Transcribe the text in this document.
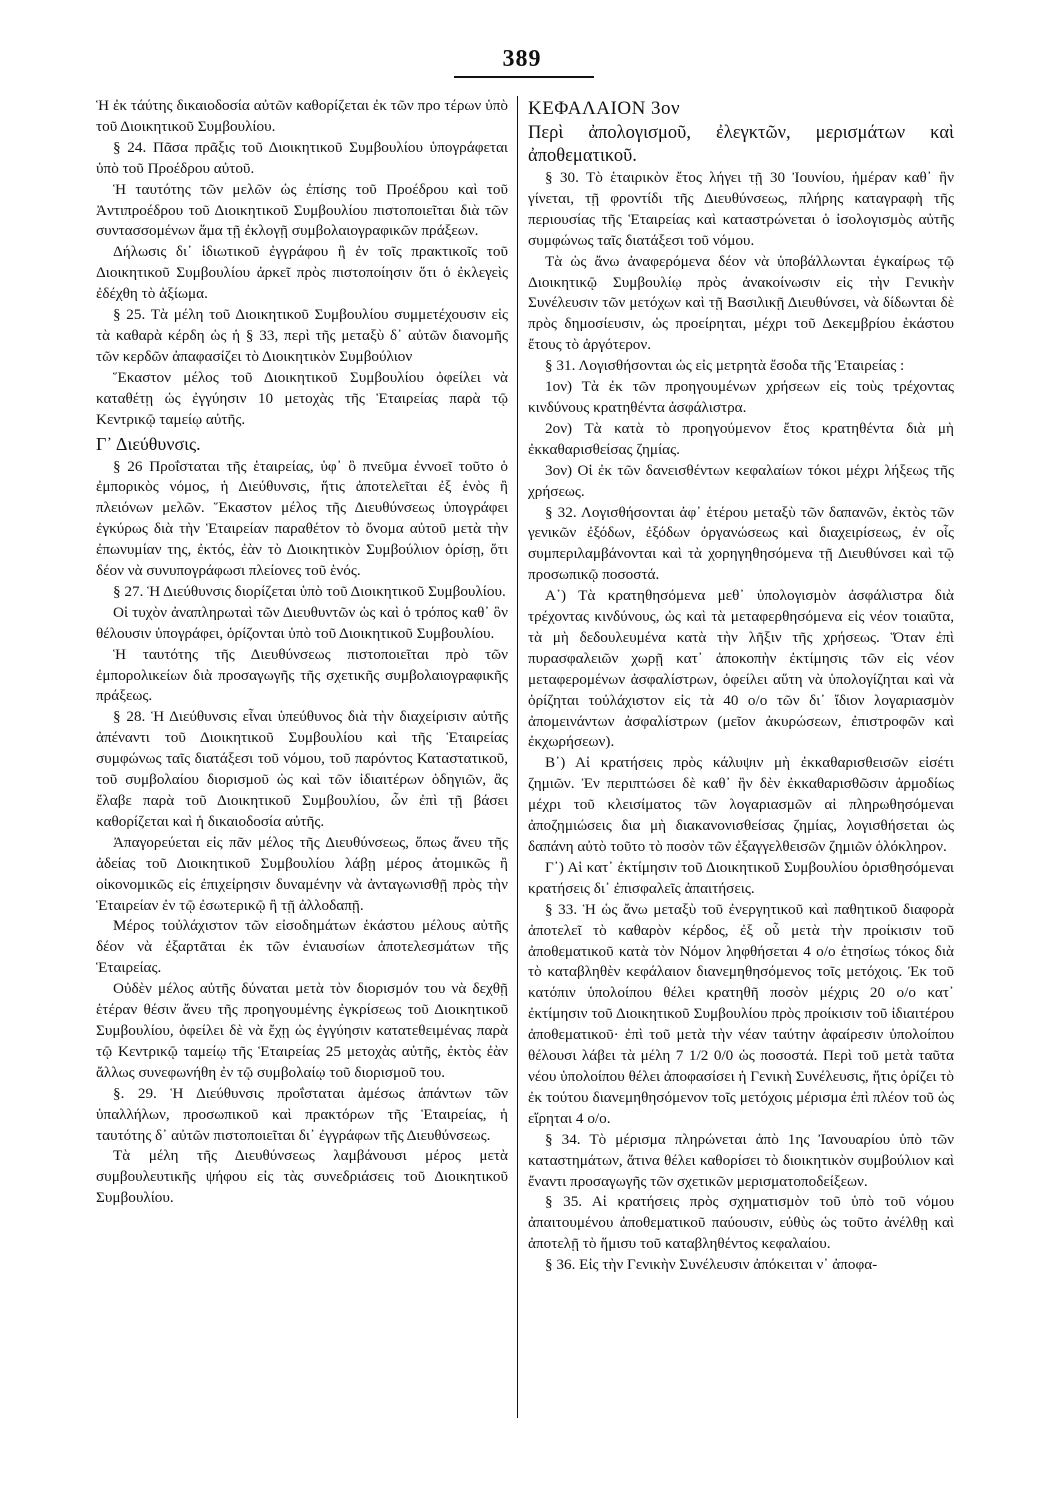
389

Ἡ ἐκ τάύτης δικαιοδοσία αὐτῶν καθορίζεται ἐκ τῶν προ τέρων ὑπὸ τοῦ Διοικητικοῦ Συμβουλίου.

§ 24. Πᾶσα πρᾶξις τοῦ Διοικητικοῦ Συμβουλίου ὑπογράφεται ὑπὸ τοῦ Προέδρου αὐτοῦ.

Ἡ ταυτότης τῶν μελῶν ὡς ἐπίσης τοῦ Προέδρου καὶ τοῦ Ἀντιπροέδρου τοῦ Διοικητικοῦ Συμβουλίου πιστοποιεῖται διὰ τῶν συντασσομένων ἅμα τῇ ἐκλογῇ συμβολαιογραφικῶν πράξεων.

Δήλωσις δι᾽ ἰδιωτικοῦ ἐγγράφου ἢ ἐν τοῖς πρακτικοῖς τοῦ Διοικητικοῦ Συμβουλίου ἀρκεῖ πρὸς πιστοποίησιν ὅτι ὁ ἐκλεγεὶς ἐδέχθη τὸ ἀξίωμα.

§ 25. Τὰ μέλη τοῦ Διοικητικοῦ Συμβουλίου συμμετέχουσιν εἰς τὰ καθαρὰ κέρδη ὡς ἡ § 33, περὶ τῆς μεταξὺ δ᾽ αὐτῶν διανομῆς τῶν κερδῶν ἀπαφασίζει τὸ Διοικητικὸν Συμβούλιον

Ἕκαστον μέλος τοῦ Διοικητικοῦ Συμβουλίου ὀφείλει νὰ καταθέτῃ ὡς ἐγγύησιν 10 μετοχὰς τῆς Ἑταιρείας παρὰ τῷ Κεντρικῷ ταμείῳ αὐτῆς.

Γ᾽ Διεύθυνσις.

§ 26 Προΐσταται τῆς ἑταιρείας, ὑφ᾽ ὃ πνεῦμα ἐννοεῖ τοῦτο ὁ ἐμπορικὸς νόμος, ἡ Διεύθυνσις, ἥτις ἀποτελεῖται ἐξ ἑνὸς ἢ πλειόνων μελῶν. Ἕκαστον μέλος τῆς Διευθύνσεως ὑπογράφει ἐγκύρως διὰ τὴν Ἑταιρείαν παραθέτον τὸ ὄνομα αὐτοῦ μετὰ τὴν ἐπωνυμίαν της, ἐκτός, ἐὰν τὸ Διοικητικὸν Συμβούλιον ὁρίσῃ, ὅτι δέον νὰ συνυπογράφωσι πλείονες τοῦ ἑνός.

§ 27. Ἡ Διεύθυνσις διορίζεται ὑπὸ τοῦ Διοικητικοῦ Συμβουλίου.

Οἱ τυχὸν ἀναπληρωταὶ τῶν Διευθυντῶν ὡς καὶ ὁ τρόπος καθ᾽ ὃν θέλουσιν ὑπογράφει, ὁρίζονται ὑπὸ τοῦ Διοικητικοῦ Συμβουλίου.

Ἡ ταυτότης τῆς Διευθύνσεως πιστοποιεῖται πρὸ τῶν ἐμπορολικείων διὰ προσαγωγῆς τῆς σχετικῆς συμβολαιογραφικῆς πράξεως.

§ 28. Ἡ Διεύθυνσις εἶναι ὑπεύθυνος διὰ τὴν διαχείρισιν αὐτῆς ἀπέναντι τοῦ Διοικητικοῦ Συμβουλίου καὶ τῆς Ἑταιρείας συμφώνως ταῖς διατάξεσι τοῦ νόμου, τοῦ παρόντος Καταστατικοῦ, τοῦ συμβολαίου διορισμοῦ ὡς καὶ τῶν ἰδιαιτέρων ὁδηγιῶν, ἃς ἔλαβε παρὰ τοῦ Διοικητικοῦ Συμβουλίου, ὧν ἐπὶ τῇ βάσει καθορίζεται καὶ ἡ δικαιοδοσία αὐτῆς.

Ἀπαγορεύεται εἰς πᾶν μέλος τῆς Διευθύνσεως, ὅπως ἄνευ τῆς ἀδείας τοῦ Διοικητικοῦ Συμβουλίου λάβῃ μέρος ἀτομικῶς ἢ οἰκονομικῶς εἰς ἐπιχείρησιν δυναμένην νὰ ἀνταγωνισθῇ πρὸς τὴν Ἑταιρείαν ἐν τῷ ἐσωτερικῷ ἢ τῇ ἀλλοδαπῇ.

Μέρος τοὐλάχιστον τῶν εἰσοδημάτων ἑκάστου μέλους αὐτῆς δέον νὰ ἐξαρτᾶται ἐκ τῶν ἐνιαυσίων ἀποτελεσμάτων τῆς Ἑταιρείας.

Οὐδὲν μέλος αὐτῆς δύναται μετὰ τὸν διορισμόν του νὰ δεχθῇ ἑτέραν θέσιν ἄνευ τῆς προηγουμένης ἐγκρίσεως τοῦ Διοικητικοῦ Συμβουλίου, ὀφείλει δὲ νὰ ἔχῃ ὡς ἐγγύησιν κατατεθειμένας παρὰ τῷ Κεντρικῷ ταμείῳ τῆς Ἑταιρείας 25 μετοχὰς αὐτῆς, ἐκτὸς ἐὰν ἄλλως συνεφωνήθη ἐν τῷ συμβολαίῳ τοῦ διορισμοῦ του.

§. 29. Ἡ Διεύθυνσις προΐσταται ἀμέσως ἁπάντων τῶν ὑπαλλήλων, προσωπικοῦ καὶ πρακτόρων τῆς Ἑταιρείας, ἡ ταυτότης δ᾽ αὐτῶν πιστοποιεῖται δι᾽ ἐγγράφων τῆς Διευθύνσεως.

Τὰ μέλη τῆς Διευθύνσεως λαμβάνουσι μέρος μετὰ συμβουλευτικῆς ψήφου εἰς τὰς συνεδριάσεις τοῦ Διοικητικοῦ Συμβουλίου.

ΚΕΦΑΛΑΙΟΝ 3ον

Περὶ ἀπολογισμοῦ, ἐλεγκτῶν, μερισμάτων καὶ ἀποθεματικοῦ.

§ 30. Τὸ ἑταιρικὸν ἔτος λήγει τῇ 30 Ἰουνίου, ἡμέραν καθ᾽ ἣν γίνεται, τῇ φροντίδι τῆς Διευθύνσεως, πλήρης καταγραφὴ τῆς περιουσίας τῆς Ἑταιρείας καὶ καταστρώνεται ὁ ἰσολογισμὸς αὐτῆς συμφώνως ταῖς διατάξεσι τοῦ νόμου.

Τὰ ὡς ἄνω ἀναφερόμενα δέον νὰ ὑποβάλλωνται ἐγκαίρως τῷ Διοικητικῷ Συμβουλίῳ πρὸς ἀνακοίνωσιν εἰς τὴν Γενικὴν Συνέλευσιν τῶν μετόχων καὶ τῇ Βασιλικῇ Διευθύνσει, νὰ δίδωνται δὲ πρὸς δημοσίευσιν, ὡς προείρηται, μέχρι τοῦ Δεκεμβρίου ἑκάστου ἔτους τὸ ἀργότερον.

§ 31. Λογισθήσονται ὡς εἰς μετρητὰ ἔσοδα τῆς Ἑταιρείας :

1ον) Τὰ ἐκ τῶν προηγουμένων χρήσεων εἰς τοὺς τρέχοντας κινδύνους κρατηθέντα ἀσφάλιστρα.

2ον) Τὰ κατὰ τὸ προηγούμενον ἔτος κρατηθέντα διὰ μὴ ἐκκαθαρισθείσας ζημίας.

3ον) Οἱ ἐκ τῶν δανεισθέντων κεφαλαίων τόκοι μέχρι λήξεως τῆς χρήσεως.

§ 32. Λογισθήσονται ἀφ᾽ ἑτέρου μεταξὺ τῶν δαπανῶν, ἐκτὸς τῶν γενικῶν ἐξόδων, ἐξόδων ὀργανώσεως καὶ διαχειρίσεως, ἐν οἷς συμπεριλαμβάνονται καὶ τὰ χορηγηθησόμενα τῇ Διευθύνσει καὶ τῷ προσωπικῷ ποσοστά.

Α᾽) Τὰ κρατηθησόμενα μεθ᾽ ὑπολογισμὸν ἀσφάλιστρα διὰ τρέχοντας κινδύνους, ὡς καὶ τὰ μεταφερθησόμενα εἰς νέον τοιαῦτα, τὰ μὴ δεδουλευμένα κατὰ τὴν λῆξιν τῆς χρήσεως. Ὅταν ἐπὶ πυρασφαλειῶν χωρῇ κατ᾽ ἀποκοπὴν ἐκτίμησις τῶν εἰς νέον μεταφερομένων ἀσφαλίστρων, ὀφείλει αὕτη νὰ ὑπολογίζηται καὶ νὰ ὁρίζηται τοὐλάχιστον εἰς τὰ 40 ο/ο τῶν δι᾽ ἴδιον λογαριασμὸν ἀπομεινάντων ἀσφαλίστρων (μεῖον ἀκυρώσεων, ἐπιστροφῶν καὶ ἐκχωρήσεων).

Β᾽) Αἱ κρατήσεις πρὸς κάλυψιν μὴ ἐκκαθαρισθεισῶν εἰσέτι ζημιῶν. Ἐν περιπτώσει δὲ καθ᾽ ἣν δὲν ἐκκαθαρισθῶσιν ἁρμοδίως μέχρι τοῦ κλεισίματος τῶν λογαριασμῶν αἱ πληρωθησόμεναι ἀποζημιώσεις δια μὴ διακανονισθείσας ζημίας, λογισθήσεται ὡς δαπάνη αὐτὸ τοῦτο τὸ ποσὸν τῶν ἐξαγγελθεισῶν ζημιῶν ὁλόκληρον.

Γ᾽) Αἱ κατ᾽ ἐκτίμησιν τοῦ Διοικητικοῦ Συμβουλίου ὁρισθησόμεναι κρατήσεις δι᾽ ἐπισφαλεῖς ἀπαιτήσεις.

§ 33. Ἡ ὡς ἄνω μεταξὺ τοῦ ἐνεργητικοῦ καὶ παθητικοῦ διαφορὰ ἀποτελεῖ τὸ καθαρὸν κέρδος, ἐξ οὗ μετὰ τὴν προίκισιν τοῦ ἀποθεματικοῦ κατὰ τὸν Νόμον ληφθήσεται 4 ο/ο ἐτησίως τόκος διὰ τὸ καταβληθὲν κεφάλαιον διανεμηθησόμενος τοῖς μετόχοις. Ἐκ τοῦ κατόπιν ὑπολοίπου θέλει κρατηθῆ ποσὸν μέχρις 20 ο/ο κατ᾽ ἐκτίμησιν τοῦ Διοικητικοῦ Συμβουλίου πρὸς προίκισιν τοῦ ἰδιαιτέρου ἀποθεματικοῦ· ἐπὶ τοῦ μετὰ τὴν νέαν ταύτην ἀφαίρεσιν ὑπολοίπου θέλουσι λάβει τὰ μέλη 7 1/2 0/0 ὡς ποσοστά. Περὶ τοῦ μετὰ ταῦτα νέου ὑπολοίπου θέλει ἀποφασίσει ἡ Γενικὴ Συνέλευσις, ἥτις ὁρίζει τὸ ἐκ τούτου διανεμηθησόμενον τοῖς μετόχοις μέρισμα ἐπὶ πλέον τοῦ ὡς εἴρηται 4 ο/ο.

§ 34. Τὸ μέρισμα πληρώνεται ἀπὸ 1ης Ἰανουαρίου ὑπὸ τῶν καταστημάτων, ἅτινα θέλει καθορίσει τὸ διοικητικὸν συμβούλιον καὶ ἔναντι προσαγωγῆς τῶν σχετικῶν μερισματοποδείξεων.

§ 35. Αἱ κρατήσεις πρὸς σχηματισμὸν τοῦ ὑπὸ τοῦ νόμου ἀπαιτουμένου ἀποθεματικοῦ παύουσιν, εὐθὺς ὡς τοῦτο ἀνέλθῃ καὶ ἀποτελῇ τὸ ἥμισυ τοῦ καταβληθέντος κεφαλαίου.

§ 36. Εἰς τὴν Γενικὴν Συνέλευσιν ἀπόκειται ν᾽ ἀποφα-
